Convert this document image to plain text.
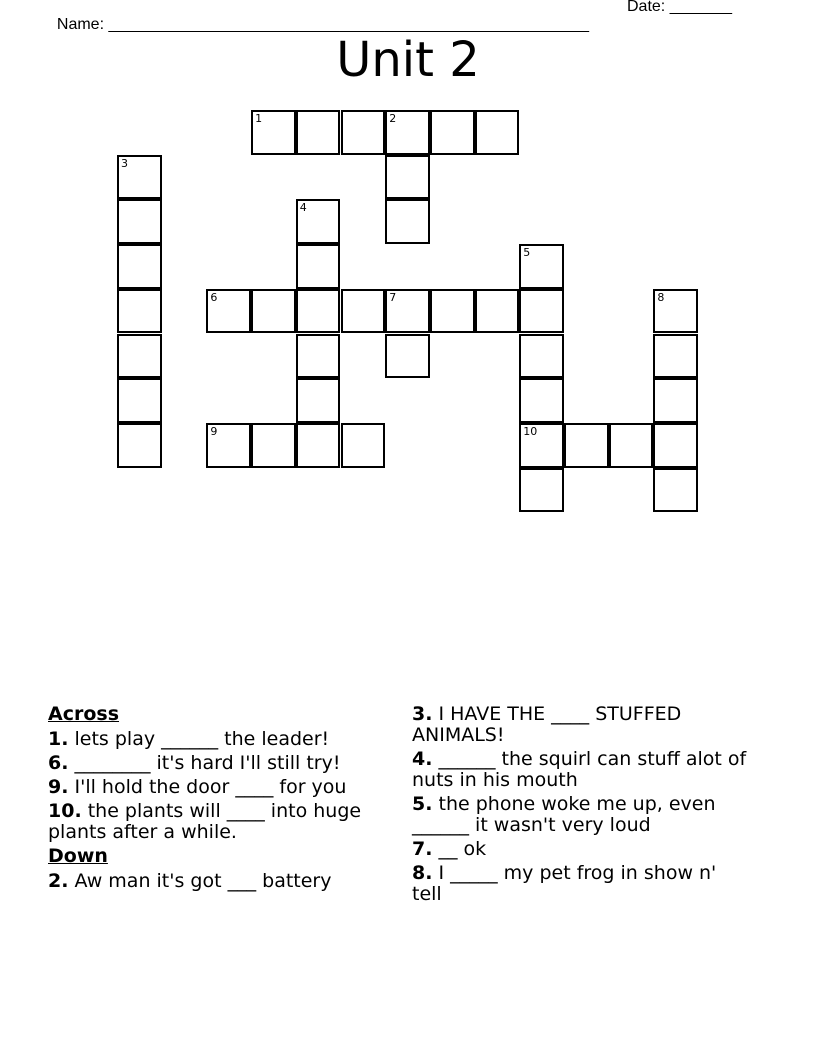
Name: ______________________________________________________

Date: _______

Unit 2
1	2
3
4
5
10
6	7	8
9
Across
1. lets play ______ the leader!
6. ________ it's hard I'll still try!
9. I'll hold the door ____ for you
10. the plants will ____ into huge plants after a while.
Down
2. Aw man it's got ___ battery
3. I HAVE THE ____ STUFFED ANIMALS!
4. ______ the squirl can stuff alot of nuts in his mouth
5. the phone woke me up, even ______ it wasn't very loud
7. __ ok
8. I _____ my pet frog in show n' tell
